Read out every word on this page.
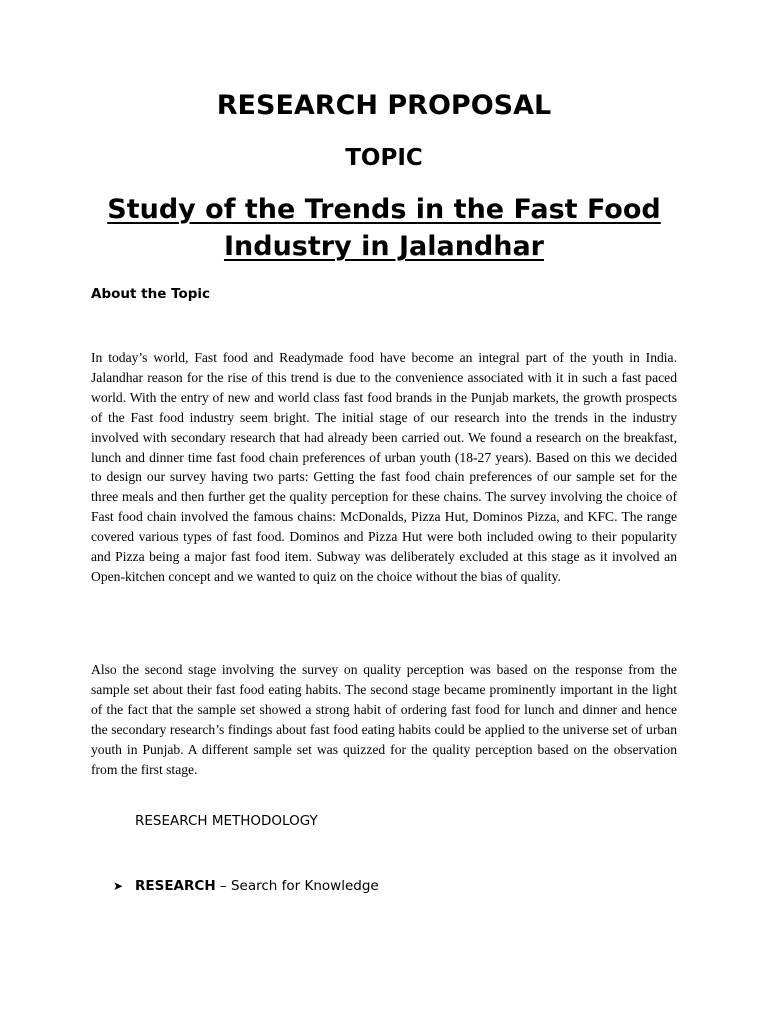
RESEARCH PROPOSAL
TOPIC
Study of the Trends in the Fast Food Industry in Jalandhar
About the Topic

In today’s world, Fast food and Readymade food have become an integral part of the youth in India. Jalandhar reason for the rise of this trend is due to the convenience associated with it in such a fast paced world. With the entry of new and world class fast food brands in the Punjab markets, the growth prospects of the Fast food industry seem bright. The initial stage of our research into the trends in the industry involved with secondary research that had already been carried out. We found a research on the breakfast, lunch and dinner time fast food chain preferences of urban youth (18-27 years). Based on this we decided to design our survey having two parts: Getting the fast food chain preferences of our sample set for the three meals and then further get the quality perception for these chains. The survey involving the choice of Fast food chain involved the famous chains: McDonalds, Pizza Hut, Dominos Pizza, and KFC. The range covered various types of fast food. Dominos and Pizza Hut were both included owing to their popularity and Pizza being a major fast food item. Subway was deliberately excluded at this stage as it involved an Open-kitchen concept and we wanted to quiz on the choice without the bias of quality.

Also the second stage involving the survey on quality perception was based on the response from the sample set about their fast food eating habits. The second stage became prominently important in the light of the fact that the sample set showed a strong habit of ordering fast food for lunch and dinner and hence the secondary research’s findings about fast food eating habits could be applied to the universe set of urban youth in Punjab. A different sample set was quizzed for the quality perception based on the observation from the first stage.

RESEARCH METHODOLOGY
➤ RESEARCH – Search for Knowledge
